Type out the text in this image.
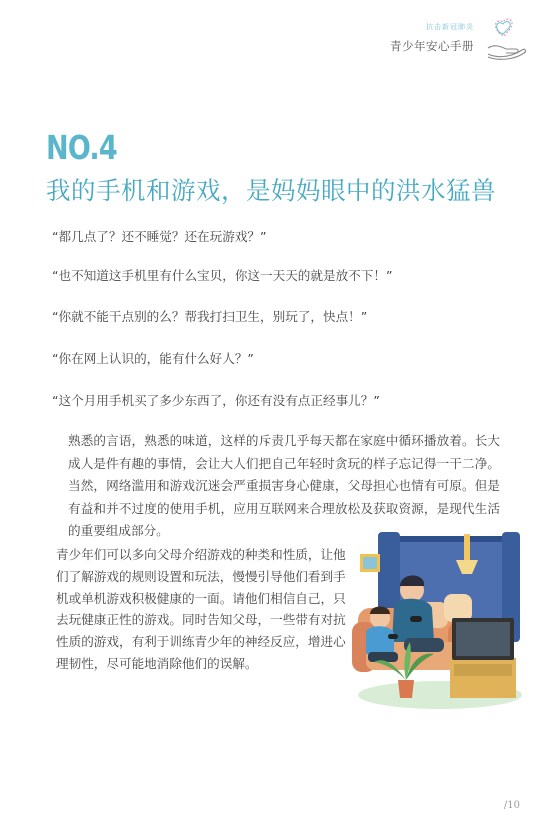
抗击新冠肺炎
青少年安心手册
NO.4
我的手机和游戏，是妈妈眼中的洪水猛兽
“都几点了？还不睡觉？还在玩游戏？”
“也不知道这手机里有什么宝贝，你这一天天的就是放不下！”
“你就不能干点别的么？帮我打扫卫生，别玩了，快点！”
“你在网上认识的，能有什么好人？”
“这个月用手机买了多少东西了，你还有没有点正经事儿？”
熟悉的言语，熟悉的味道，这样的斥责几乎每天都在家庭中循环播放着。长大成人是件有趣的事情，会让大人们把自己年轻时贪玩的样子忘记得一干二净。当然，网络滥用和游戏沉迷会严重损害身心健康，父母担心也情有可原。但是有益和并不过度的使用手机，应用互联网来合理放松及获取资源，是现代生活的重要组成部分。
青少年们可以多向父母介绍游戏的种类和性质，让他们了解游戏的规则设置和玩法，慢慢引导他们看到手机或单机游戏积极健康的一面。请他们相信自己，只去玩健康正性的游戏。同时告知父母，一些带有对抗性质的游戏，有利于训练青少年的神经反应，增进心理韧性，尽可能地消除他们的误解。
/10
